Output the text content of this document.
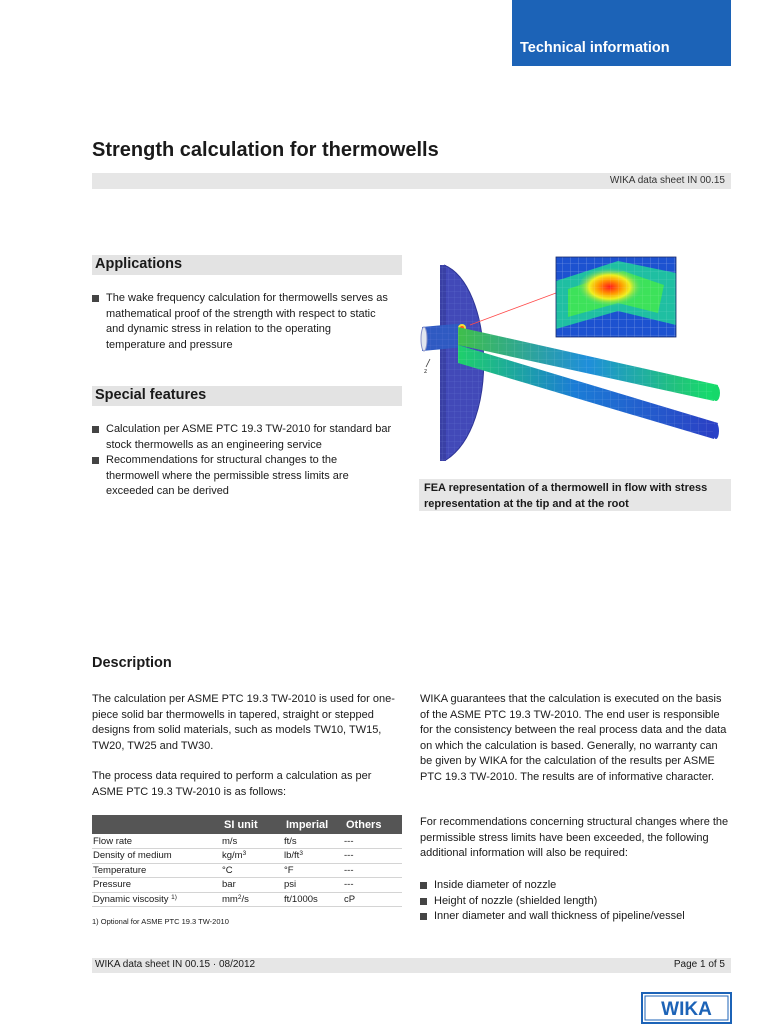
Technical information
Strength calculation for thermowells
WIKA data sheet IN 00.15
Applications
The wake frequency calculation for thermowells serves as mathematical proof of the strength with respect to static and dynamic stress in relation to the operating temperature and pressure
Special features
Calculation per ASME PTC 19.3 TW-2010 for standard bar stock thermowells as an engineering service
Recommendations for structural changes to the thermowell where the permissible stress limits are exceeded can be derived
z
FEA representation of a thermowell in flow with stress representation at the tip and at the root
Description
The calculation per ASME PTC 19.3 TW-2010 is used for one-piece solid bar thermowells in tapered, straight or stepped designs from solid materials, such as models TW10, TW15, TW20, TW25 and TW30.
The process data required to perform a calculation as per ASME PTC 19.3 TW-2010 is as follows:
	SI unit	Imperial	Others
Flow rate	m/s	ft/s	---
Density of medium	$kg/m^3$	$lb/ft^3$	---
Temperature	°C	°F	---
Pressure	bar	psi	---
Dynamic viscosity $^{1)}$	$mm^2/s$	ft/1000s	cP
1) Optional for ASME PTC 19.3 TW-2010
WIKA guarantees that the calculation is executed on the basis of the ASME PTC 19.3 TW-2010. The end user is responsible for the consistency between the real process data and the data on which the calculation is based. Generally, no warranty can be given by WIKA for the calculation of the results per ASME PTC 19.3 TW-2010. The results are of informative character.
For recommendations concerning structural changes where the permissible stress limits have been exceeded, the following additional information will also be required:
Inside diameter of nozzle
Height of nozzle (shielded length)
Inner diameter and wall thickness of pipeline/vessel
WIKA data sheet IN 00.15 · 08/2012	Page 1 of 5
WIKA
